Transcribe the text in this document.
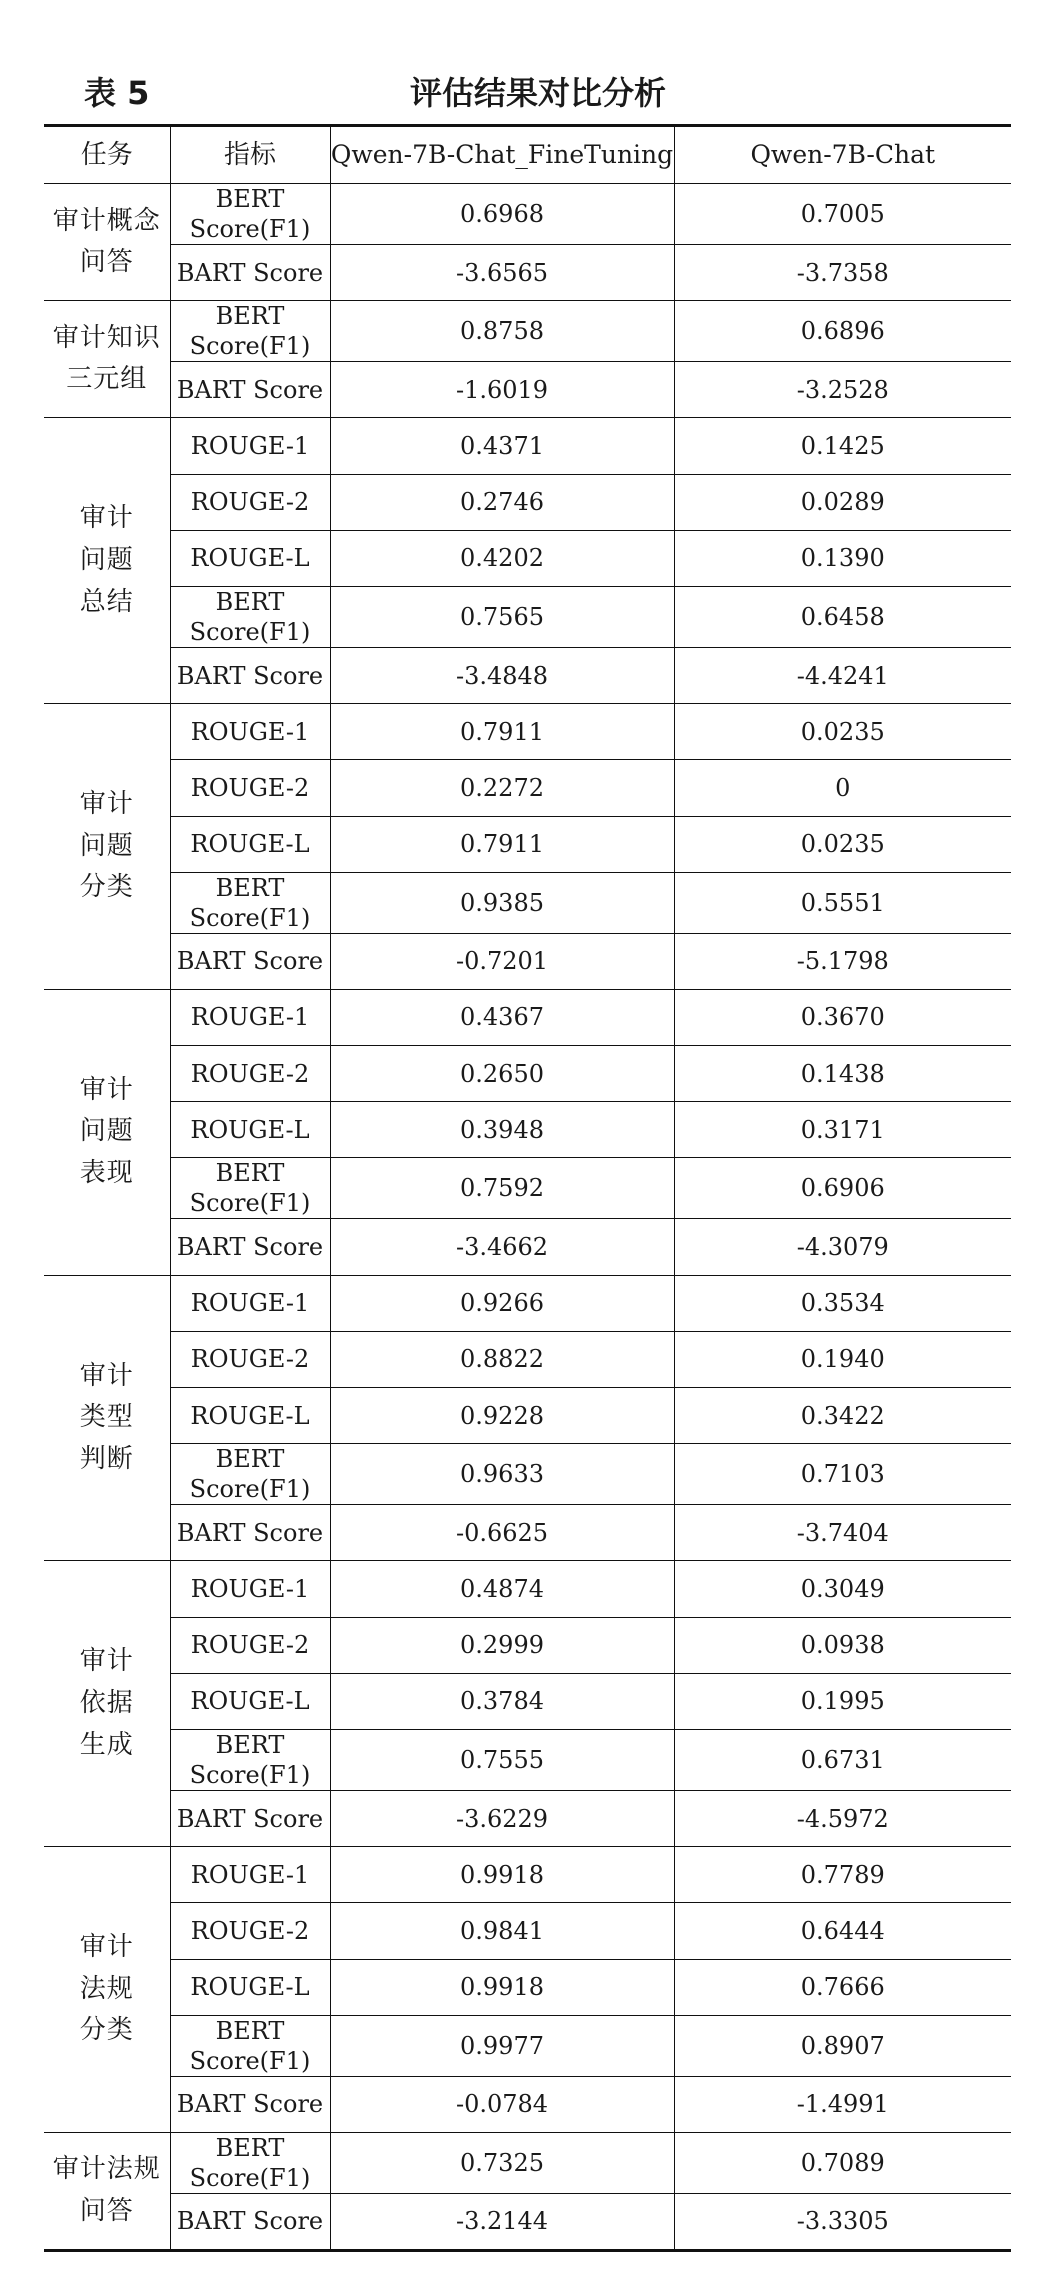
表 5	评估结果对比分析
任务	指标	Qwen-7B-Chat_FineTuning	Qwen-7B-Chat
审计概念
问答	BERT Score(F1)	0.6968	0.7005
	BART Score	-3.6565	-3.7358
审计知识
三元组	BERT Score(F1)	0.8758	0.6896
	BART Score	-1.6019	-3.2528
审计
问题
总结	ROUGE-1	0.4371	0.1425
	ROUGE-2	0.2746	0.0289
	ROUGE-L	0.4202	0.1390
	BERT Score(F1)	0.7565	0.6458
	BART Score	-3.4848	-4.4241
审计
问题
分类	ROUGE-1	0.7911	0.0235
	ROUGE-2	0.2272	0
	ROUGE-L	0.7911	0.0235
	BERT Score(F1)	0.9385	0.5551
	BART Score	-0.7201	-5.1798
审计
问题
表现	ROUGE-1	0.4367	0.3670
	ROUGE-2	0.2650	0.1438
	ROUGE-L	0.3948	0.3171
	BERT Score(F1)	0.7592	0.6906
	BART Score	-3.4662	-4.3079
审计
类型
判断	ROUGE-1	0.9266	0.3534
	ROUGE-2	0.8822	0.1940
	ROUGE-L	0.9228	0.3422
	BERT Score(F1)	0.9633	0.7103
	BART Score	-0.6625	-3.7404
审计
依据
生成	ROUGE-1	0.4874	0.3049
	ROUGE-2	0.2999	0.0938
	ROUGE-L	0.3784	0.1995
	BERT Score(F1)	0.7555	0.6731
	BART Score	-3.6229	-4.5972
审计
法规
分类	ROUGE-1	0.9918	0.7789
	ROUGE-2	0.9841	0.6444
	ROUGE-L	0.9918	0.7666
	BERT Score(F1)	0.9977	0.8907
	BART Score	-0.0784	-1.4991
审计法规
问答	BERT Score(F1)	0.7325	0.7089
	BART Score	-3.2144	-3.3305
